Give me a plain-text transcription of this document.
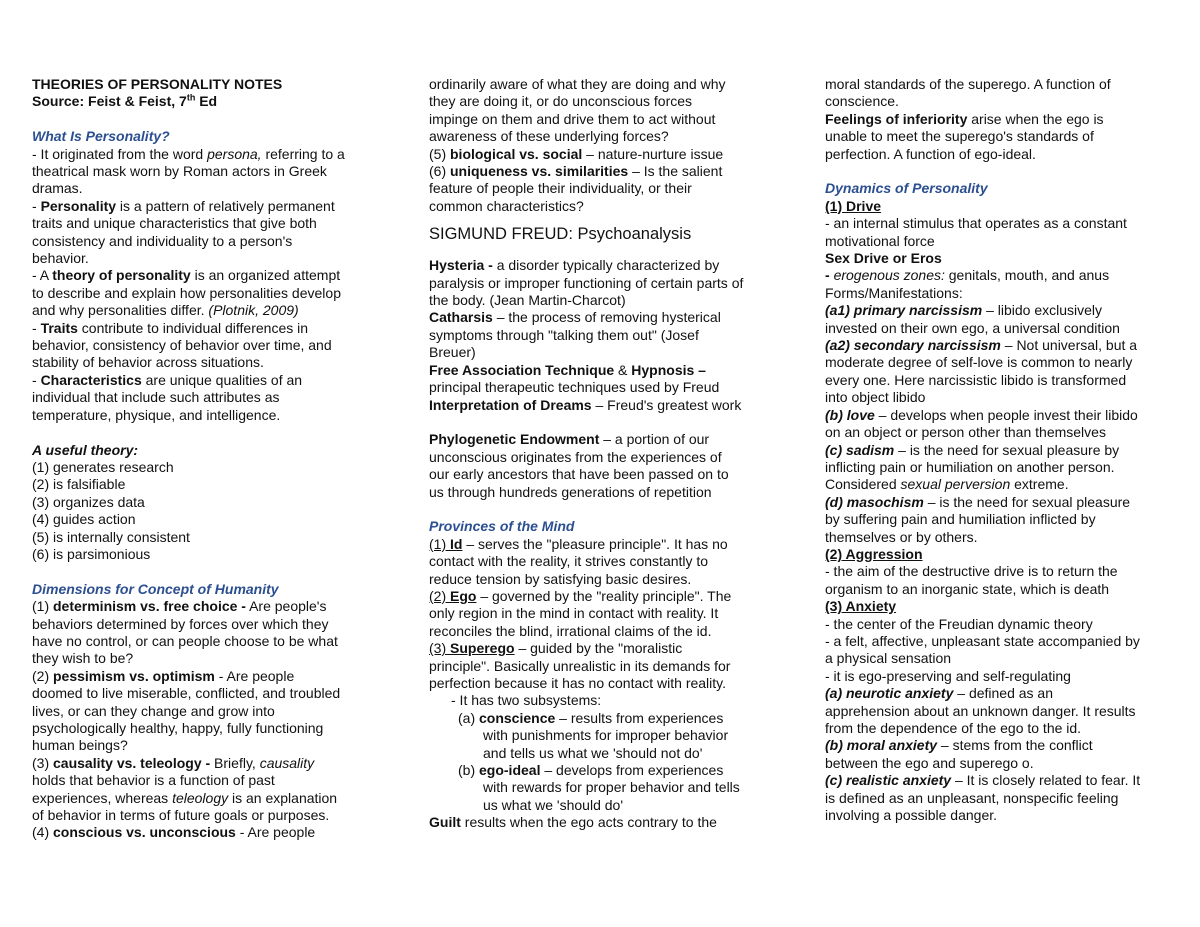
THEORIES OF PERSONALITY NOTES
Source: Feist & Feist, 7th Ed
What Is Personality?
- It originated from the word persona, referring to a
theatrical mask worn by Roman actors in Greek
dramas.
- Personality is a pattern of relatively permanent
traits and unique characteristics that give both
consistency and individuality to a person's
behavior.
- A theory of personality is an organized attempt
to describe and explain how personalities develop
and why personalities differ. (Plotnik, 2009)
- Traits contribute to individual differences in
behavior, consistency of behavior over time, and
stability of behavior across situations.
- Characteristics are unique qualities of an
individual that include such attributes as
temperature, physique, and intelligence.
A useful theory:
(1) generates research
(2) is falsifiable
(3) organizes data
(4) guides action
(5) is internally consistent
(6) is parsimonious
Dimensions for Concept of Humanity
(1) determinism vs. free choice - Are people's
behaviors determined by forces over which they
have no control, or can people choose to be what
they wish to be?
(2) pessimism vs. optimism - Are people
doomed to live miserable, conflicted, and troubled
lives, or can they change and grow into
psychologically healthy, happy, fully functioning
human beings?
(3) causality vs. teleology - Briefly, causality
holds that behavior is a function of past
experiences, whereas teleology is an explanation
of behavior in terms of future goals or purposes.
(4) conscious vs. unconscious - Are people
ordinarily aware of what they are doing and why
they are doing it, or do unconscious forces
impinge on them and drive them to act without
awareness of these underlying forces?
(5) biological vs. social – nature-nurture issue
(6) uniqueness vs. similarities – Is the salient
feature of people their individuality, or their
common characteristics?
SIGMUND FREUD: Psychoanalysis
Hysteria - a disorder typically characterized by
paralysis or improper functioning of certain parts of
the body. (Jean Martin-Charcot)
Catharsis – the process of removing hysterical
symptoms through "talking them out" (Josef
Breuer)
Free Association Technique & Hypnosis –
principal therapeutic techniques used by Freud
Interpretation of Dreams – Freud's greatest work
Phylogenetic Endowment – a portion of our
unconscious originates from the experiences of
our early ancestors that have been passed on to
us through hundreds generations of repetition
Provinces of the Mind
(1) Id – serves the "pleasure principle". It has no
contact with the reality, it strives constantly to
reduce tension by satisfying basic desires.
(2) Ego – governed by the "reality principle". The
only region in the mind in contact with reality. It
reconciles the blind, irrational claims of the id.
(3) Superego – guided by the "moralistic
principle". Basically unrealistic in its demands for
perfection because it has no contact with reality.
- It has two subsystems:
(a) conscience – results from experiences
with punishments for improper behavior
and tells us what we 'should not do'
(b) ego-ideal – develops from experiences
with rewards for proper behavior and tells
us what we 'should do'
Guilt results when the ego acts contrary to the
moral standards of the superego. A function of
conscience.
Feelings of inferiority arise when the ego is
unable to meet the superego's standards of
perfection. A function of ego-ideal.
Dynamics of Personality
(1) Drive
- an internal stimulus that operates as a constant
motivational force
Sex Drive or Eros
- erogenous zones: genitals, mouth, and anus
Forms/Manifestations:
(a1) primary narcissism – libido exclusively
invested on their own ego, a universal condition
(a2) secondary narcissism – Not universal, but a
moderate degree of self-love is common to nearly
every one. Here narcissistic libido is transformed
into object libido
(b) love – develops when people invest their libido
on an object or person other than themselves
(c) sadism – is the need for sexual pleasure by
inflicting pain or humiliation on another person.
Considered sexual perversion extreme.
(d) masochism – is the need for sexual pleasure
by suffering pain and humiliation inflicted by
themselves or by others.
(2) Aggression
- the aim of the destructive drive is to return the
organism to an inorganic state, which is death
(3) Anxiety
- the center of the Freudian dynamic theory
- a felt, affective, unpleasant state accompanied by
a physical sensation
- it is ego-preserving and self-regulating
(a) neurotic anxiety – defined as an
apprehension about an unknown danger. It results
from the dependence of the ego to the id.
(b) moral anxiety – stems from the conflict
between the ego and superego o.
(c) realistic anxiety – It is closely related to fear. It
is defined as an unpleasant, nonspecific feeling
involving a possible danger.
